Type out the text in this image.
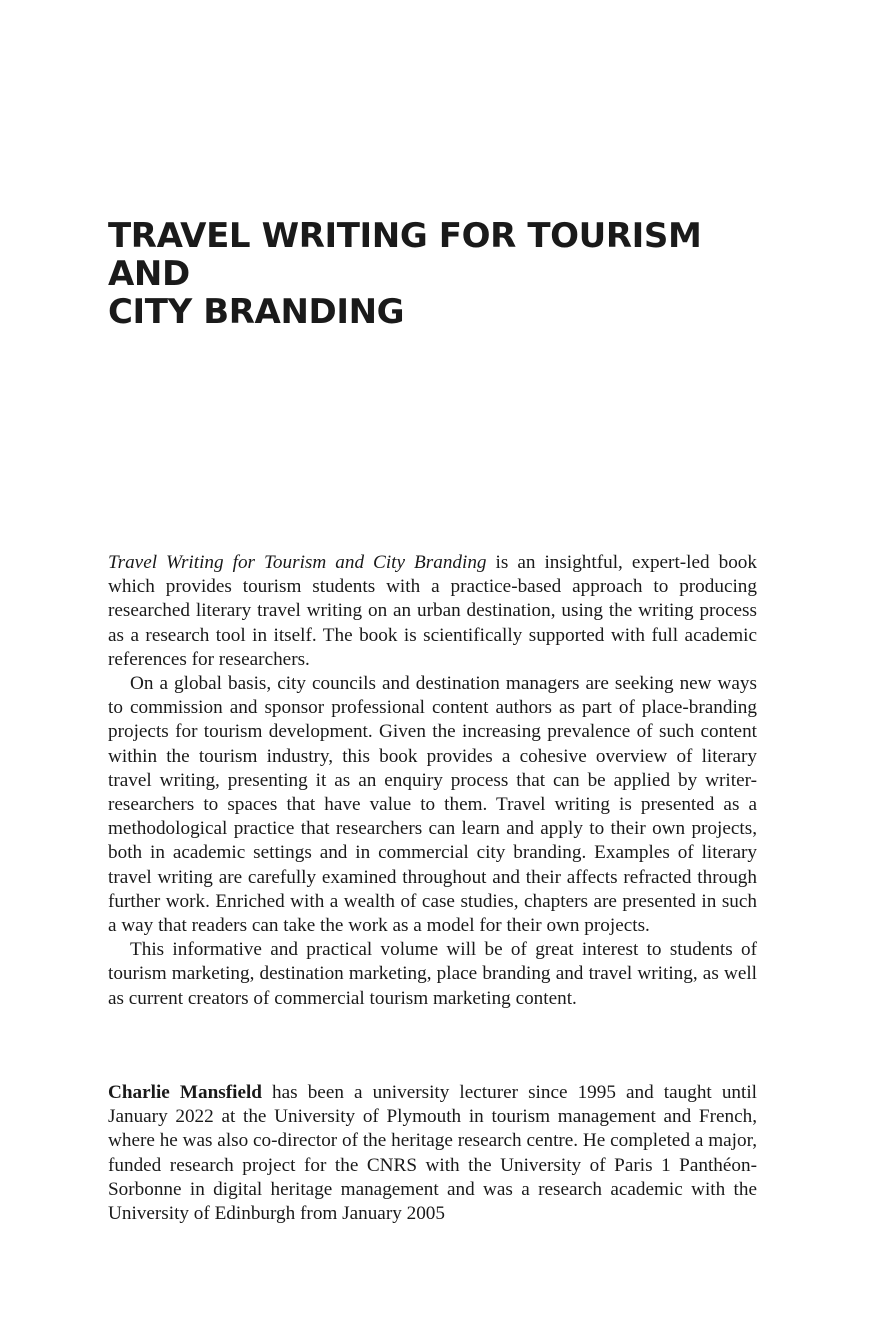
TRAVEL WRITING FOR TOURISM AND
CITY BRANDING

Travel Writing for Tourism and City Branding is an insightful, expert-led book which provides tourism students with a practice-based approach to producing researched literary travel writing on an urban destination, using the writing process as a research tool in itself. The book is scientifically supported with full academic references for researchers.

On a global basis, city councils and destination managers are seeking new ways to commission and sponsor professional content authors as part of place-branding projects for tourism development. Given the increasing prevalence of such content within the tourism industry, this book provides a cohesive overview of literary travel writing, presenting it as an enquiry process that can be applied by writer-researchers to spaces that have value to them. Travel writing is presented as a methodological practice that researchers can learn and apply to their own projects, both in academic settings and in commercial city branding. Examples of literary travel writing are carefully examined throughout and their affects refracted through further work. Enriched with a wealth of case studies, chapters are presented in such a way that readers can take the work as a model for their own projects.

This informative and practical volume will be of great interest to students of tourism marketing, destination marketing, place branding and travel writing, as well as current creators of commercial tourism marketing content.

Charlie Mansfield has been a university lecturer since 1995 and taught until January 2022 at the University of Plymouth in tourism management and French, where he was also co-director of the heritage research centre. He completed a major, funded research project for the CNRS with the University of Paris 1 Panthéon-Sorbonne in digital heritage management and was a research academic with the University of Edinburgh from January 2005
